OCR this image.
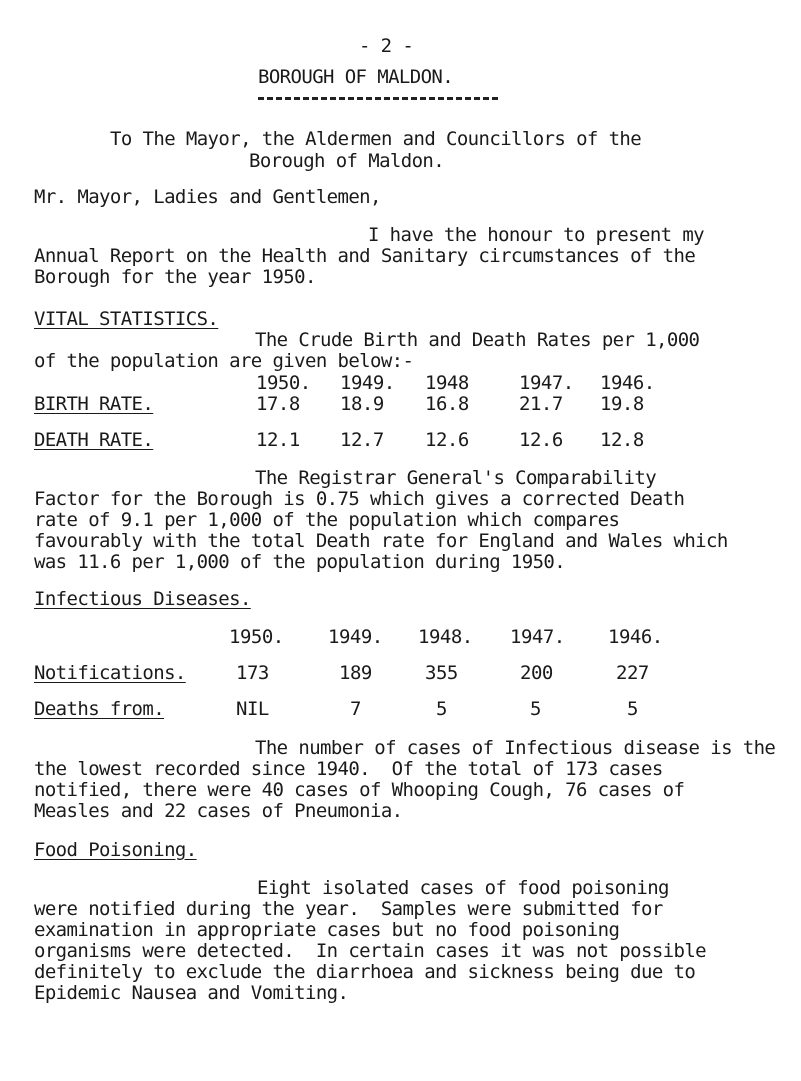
- 2 -
BOROUGH OF MALDON.
To The Mayor, the Aldermen and Councillors of the
Borough of Maldon.
Mr. Mayor, Ladies and Gentlemen,
I have the honour to present my
Annual Report on the Health and Sanitary circumstances of the
Borough for the year 1950.
VITAL STATISTICS.
The Crude Birth and Death Rates per 1,000
of the population are given below:-
1950. 1949. 1948	1947. 1946.
BIRTH RATE.	17.8 18.9 16.8	21.7 19.8
DEATH RATE.	12.1 12.7 12.6	12.6 12.8
The Registrar General's Comparability
Factor for the Borough is 0.75 which gives a corrected Death
rate of 9.1 per 1,000 of the population which compares
favourably with the total Death rate for England and Wales which
was 11.6 per 1,000 of the population during 1950.
Infectious Diseases.
1950. 1949. 1948. 1947. 1946.
Notifications.	173	189	355	200	227
Deaths from.	NIL	7	5	5	5
The number of cases of Infectious disease is the
the lowest recorded since 1940.  Of the total of 173 cases
notified, there were 40 cases of Whooping Cough, 76 cases of
Measles and 22 cases of Pneumonia.
Food Poisoning.
Eight isolated cases of food poisoning
were notified during the year.  Samples were submitted for
examination in appropriate cases but no food poisoning
organisms were detected.  In certain cases it was not possible
definitely to exclude the diarrhoea and sickness being due to
Epidemic Nausea and Vomiting.
